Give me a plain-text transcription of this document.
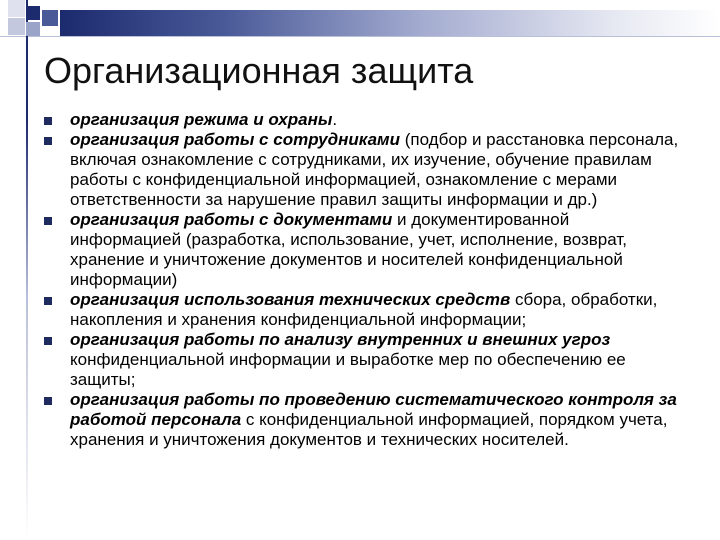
Организационная защита
организация режима и охраны.
организация работы с сотрудниками (подбор и расстановка персонала, включая ознакомление с сотрудниками, их изучение, обучение правилам работы с конфиденциальной информацией, ознакомление с мерами ответственности за нарушение правил защиты информации и др.)
организация работы с документами и документированной информацией (разработка, использование, учет, исполнение, возврат, хранение и уничтожение документов и носителей конфиденциальной информации)
организация использования технических средств сбора, обработки, накопления и хранения конфиденциальной информации;
организация работы по анализу внутренних и внешних угроз конфиденциальной информации и выработке мер по обеспечению ее защиты;
организация работы по проведению систематического контроля за работой персонала с конфиденциальной информацией, порядком учета, хранения и уничтожения документов и технических носителей.
